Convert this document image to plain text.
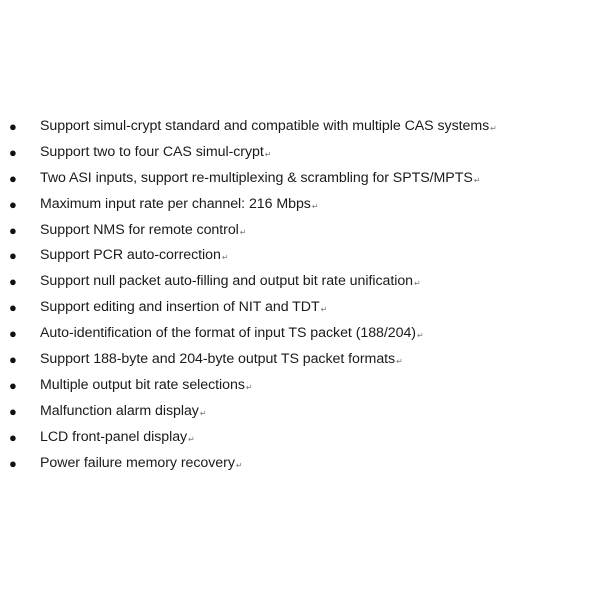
● Support simul-crypt standard and compatible with multiple CAS systems↵
● Support two to four CAS simul-crypt↵
● Two ASI inputs, support re-multiplexing & scrambling for SPTS/MPTS↵
● Maximum input rate per channel: 216 Mbps↵
● Support NMS for remote control↵
● Support PCR auto-correction↵
● Support null packet auto-filling and output bit rate unification↵
● Support editing and insertion of NIT and TDT↵
● Auto-identification of the format of input TS packet (188/204)↵
● Support 188-byte and 204-byte output TS packet formats↵
● Multiple output bit rate selections↵
● Malfunction alarm display↵
● LCD front-panel display↵
● Power failure memory recovery↵
